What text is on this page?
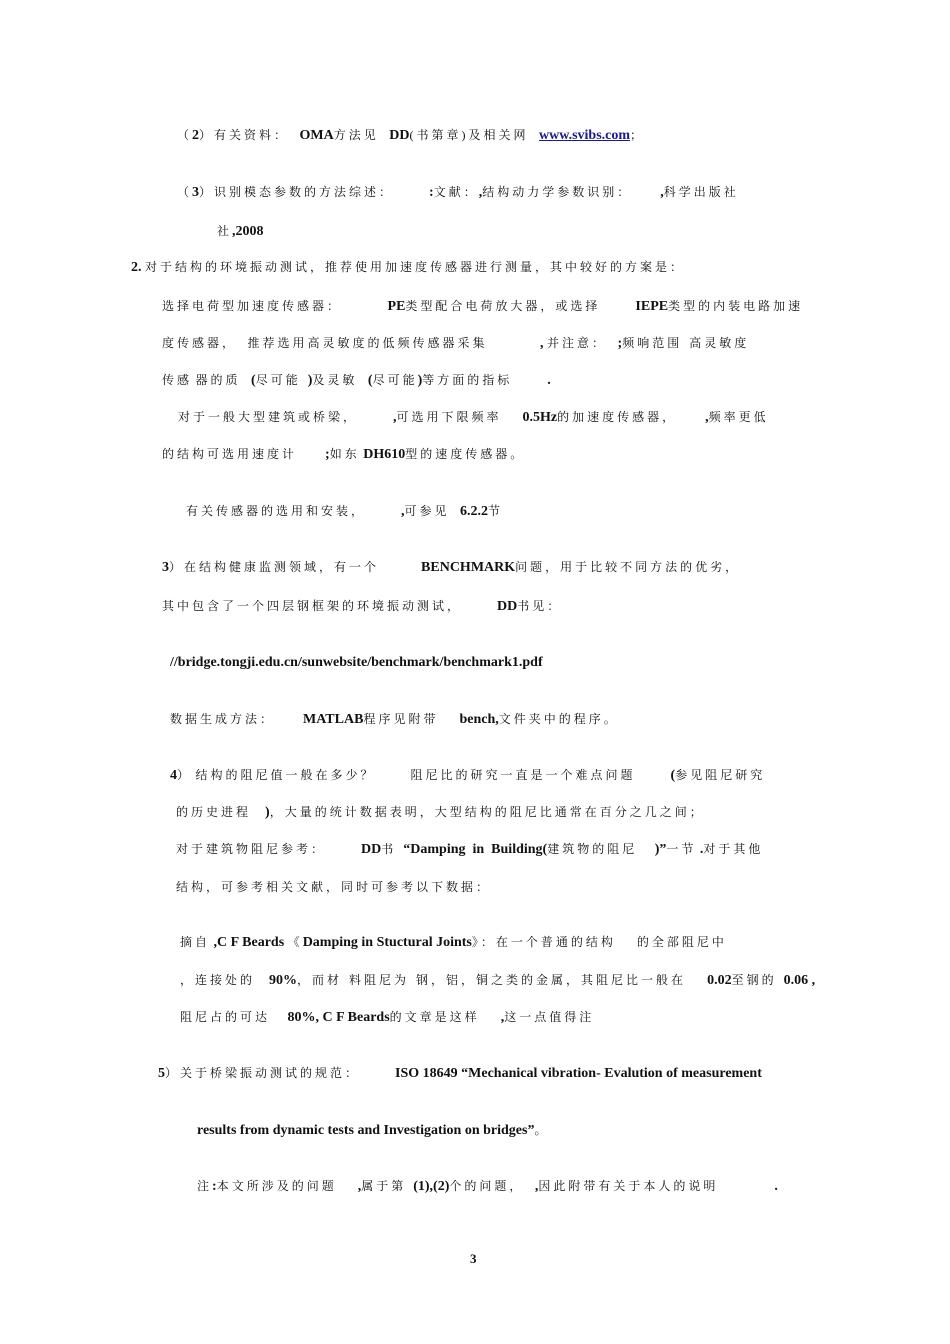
（2）有关资料： OMA方法见 DD(书第章)及相关网 www.svibs.com；
（3）识别模态参数的方法综述：	:文献：,结构动力学参数识别： ,科学出版社
社,2008
2. 对于结构的环境振动测试，推荐使用加速度传感器进行测量，其中较好的方案是：
选择电荷型加速度传感器：	PE类型配合电荷放大器，或选择	IEPE类型的内装电路加速
度传感器， 推荐选用高灵敏度的低频传感器采集	, 并注意： ;频响范围 高灵敏度
传感 器的质 (尽可能 )及灵敏 (尽可能)等方面的指标	.
对于一般大型建筑或桥梁，	,可选用下限频率 0.5Hz的加速度传感器， ,频率更低
的结构可选用速度计 ;如东 DH610型的速度传感器。
有关传感器的选用和安装，	,可参见 6.2.2节
3）在结构健康监测领域，有一个	BENCHMARK问题，用于比较不同方法的优劣，
其中包含了一个四层钢框架的环境振动测试，	DD书见：
//bridge.tongji.edu.cn/sunwebsite/benchmark/benchmark1.pdf
数据生成方法： MATLAB程序见附带 bench,文件夹中的程序。
4） 结构的阻尼值一般在多少？	阻尼比的研究一直是一个难点问题	(参见阻尼研究
的历史进程 )，大量的统计数据表明，大型结构的阻尼比通常在百分之几之间；
对于建筑物阻尼参考：	DD书 “Damping  in  Building(建筑物的阻尼 )”一节 .对于其他
结构，可参考相关文献，同时可参考以下数据：
摘自 ,C F Beards 《Damping in Stuctural Joints》：在一个普通的结构 的全部阻尼中
，连接处的 90%，而材 料阻尼为 钢，铝，铜之类的金属，其阻尼比一般在 0.02至钢的 0.06 ,
阻尼占的可达 80%, C F Beards的文章是这样 ,这一点值得注
5）关于桥梁振动测试的规范：	ISO 18649 “Mechanical vibration- Evalution of measurement
results from dynamic tests and Investigation on bridges”。
注:本文所涉及的问题 ,属于第 (1),(2)个的问题， ,因此附带有关于本人的说明	.
3
